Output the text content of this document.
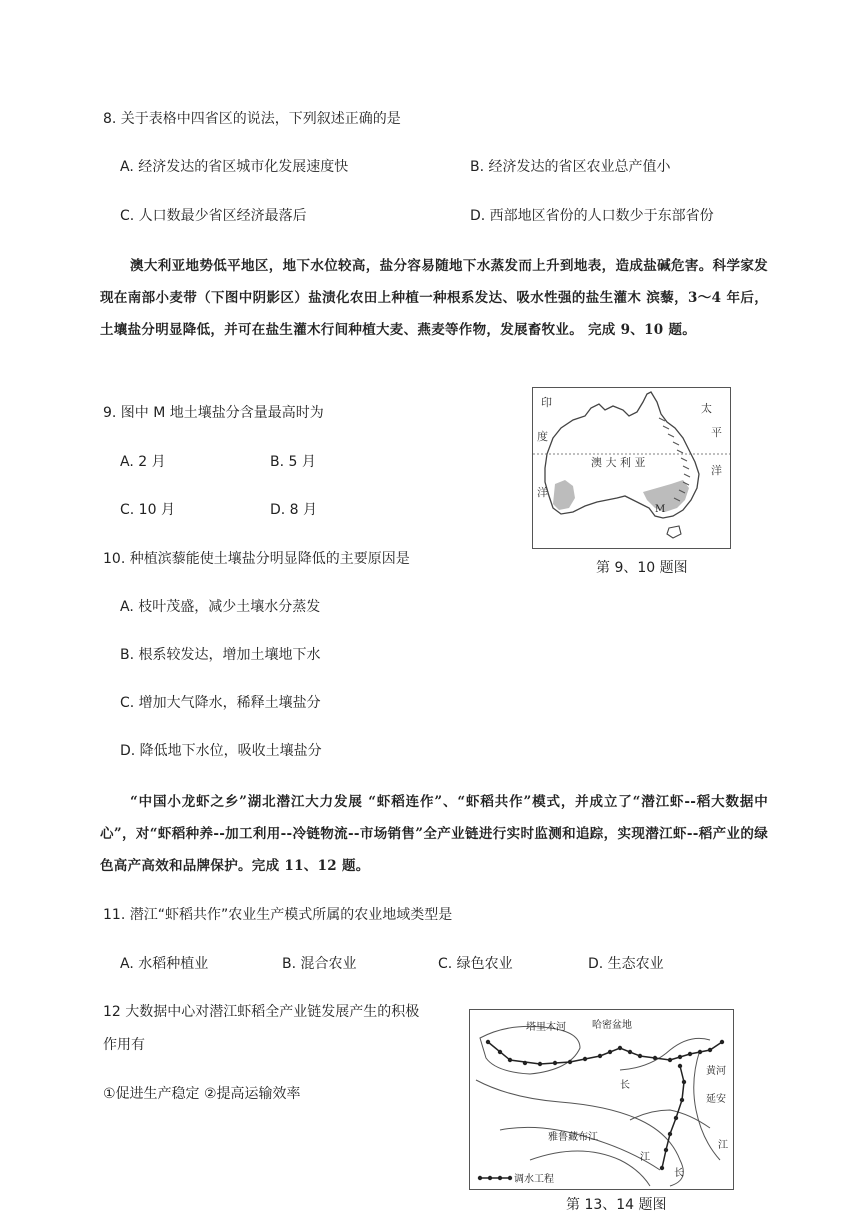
8. 关于表格中四省区的说法，下列叙述正确的是
A. 经济发达的省区城市化发展速度快	B. 经济发达的省区农业总产值小
C. 人口数最少省区经济最落后	D. 西部地区省份的人口数少于东部省份
澳大利亚地势低平地区，地下水位较高，盐分容易随地下水蒸发而上升到地表，造成盐碱危害。科学家发现在南部小麦带（下图中阴影区）盐渍化农田上种植一种根系发达、吸水性强的盐生灌木 滨藜，3～4 年后，土壤盐分明显降低，并可在盐生灌木行间种植大麦、燕麦等作物，发展畜牧业。 完成 9、10 题。
9. 图中 M 地土壤盐分含量最高时为
A. 2 月	B. 5 月
C. 10 月	D. 8 月
10. 种植滨藜能使土壤盐分明显降低的主要原因是
A. 枝叶茂盛，减少土壤水分蒸发
B. 根系较发达，增加土壤地下水
C. 增加大气降水，稀释土壤盐分
D. 降低地下水位，吸收土壤盐分
印
度
洋
太
平
洋
澳 大 利 亚
M
第 9、10 题图
“中国小龙虾之乡”湖北潜江大力发展 “虾稻连作”、“虾稻共作”模式，并成立了“潜江虾--稻大数据中心”，对“虾稻种养--加工利用--冷链物流--市场销售”全产业链进行实时监测和追踪，实现潜江虾--稻产业的绿色高产高效和品牌保护。完成 11、12 题。
11. 潜江“虾稻共作”农业生产模式所属的农业地域类型是
A. 水稻种植业	B. 混合农业	C. 绿色农业	D. 生态农业
12 大数据中心对潜江虾稻全产业链发展产生的积极
作用有
①促进生产稳定 ②提高运输效率
调水工程
塔里木河	哈密盆地
黄河
延安
长
雅鲁藏布江
江
江
长
第 13、14 题图
